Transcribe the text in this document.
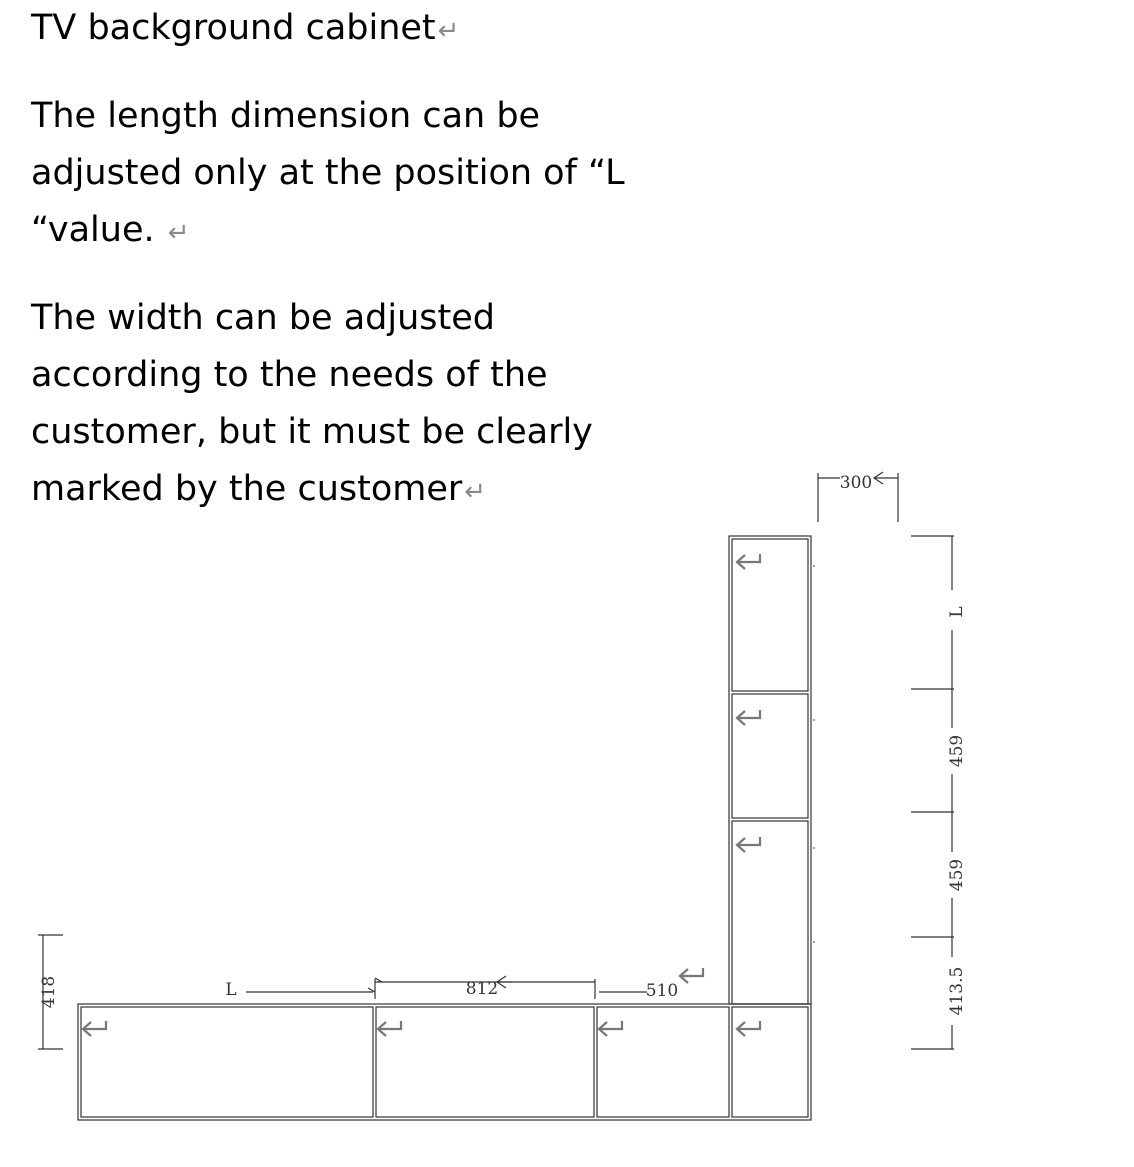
TV background cabinet↵

The length dimension can be adjusted only at the position of “L “value. ↵

The width can be adjusted according to the needs of the customer, but it must be clearly marked by the customer↵

L	812	510
418
300
L
459
459
413.5
